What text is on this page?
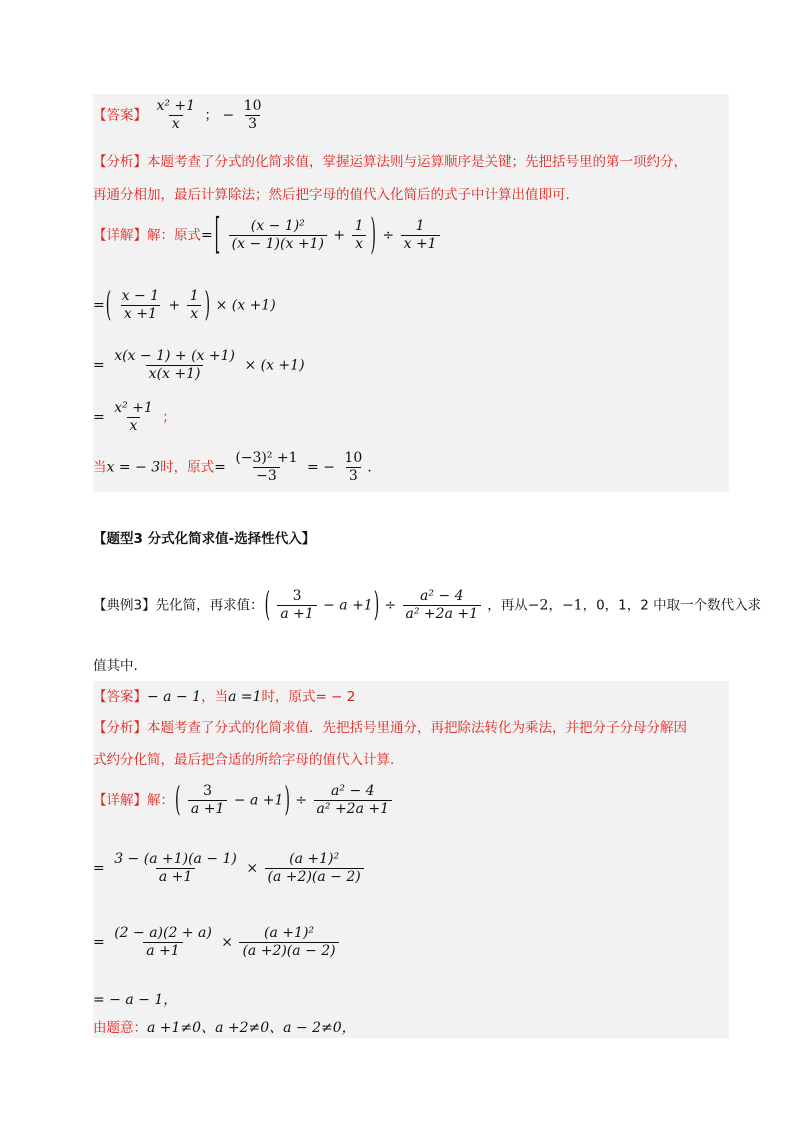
【答案】 $\frac{\text{x² +1}}{x}$ ； − $\frac{10}{3}$
【分析】本题考查了分式的化简求值，掌握运算法则与运算顺序是关键；先把括号里的第一项约分，
再通分相加，最后计算除法；然后把字母的值代入化简后的式子中计算出值即可.
【详解】解：原式= [ $\frac{\text{(x − 1)²}}{(x - 1)(x +1)} + \frac{1}{x}$ ) ÷ $\frac{1}{x +1}$
=( $\frac{x - 1}{x +1} + \frac{1}{x}$ ) × (x +1)
= $\frac{x(x - 1) + (x +1)}{x(x +1)} \times (x +1)$
= $\frac{\text{x² +1}}{x}$ ；
当x = − 3时，原式= $\frac{\text{(−3)² +1}}{-3}$ = − $\frac{10}{3}$ .
【题型3 分式化简求值-选择性代入】
【典例3】先化简，再求值：( $\frac{3}{a +1} - a +1) \div \frac{\text{a² − 4}}{\text{a² +2a +1}}$ ，再从−2，−1，0，1，2 中取一个数代入求
值其中.
【答案】− a − 1，当a =1时，原式= − 2
【分析】本题考查了分式的化简求值．先把括号里通分，再把除法转化为乘法，并把分子分母分解因
式约分化简，最后把合适的所给字母的值代入计算.
【详解】解：( $\frac{3}{a +1} - a +1) \div \frac{\text{a² − 4}}{\text{a² +2a +1}}$
= $\frac{3 - (a +1)(a - 1)}{a +1} \times \frac{\text{(a +1)²}}{(a +2)(a - 2)}$
= $\frac{(2 - a)(2 + a)}{a +1} \times \frac{\text{(a +1)²}}{(a +2)(a - 2)}$
= − a − 1，
由题意：a +1≠0、a +2≠0、a − 2≠0，
